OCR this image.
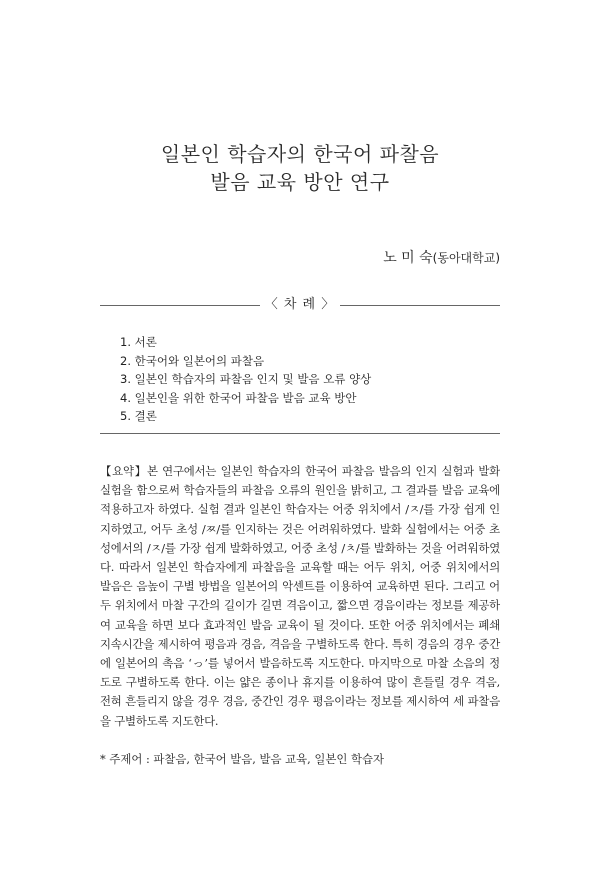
일본인 학습자의 한국어 파찰음
발음 교육 방안 연구
노 미 숙(동아대학교)
〈 차 례 〉
1. 서론
2. 한국어와 일본어의 파찰음
3. 일본인 학습자의 파찰음 인지 및 발음 오류 양상
4. 일본인을 위한 한국어 파찰음 발음 교육 방안
5. 결론
【요약】본 연구에서는 일본인 학습자의 한국어 파찰음 발음의 인지 실험과 발화 실험을 함으로써 학습자들의 파찰음 오류의 원인을 밝히고, 그 결과를 발음 교육에 적용하고자 하였다. 실험 결과 일본인 학습자는 어중 위치에서 /ㅈ/를 가장 쉽게 인지하였고, 어두 초성 /ㅉ/를 인지하는 것은 어려워하였다. 발화 실험에서는 어중 초성에서의 /ㅈ/를 가장 쉽게 발화하였고, 어중 초성 /ㅊ/를 발화하는 것을 어려워하였다. 따라서 일본인 학습자에게 파찰음을 교육할 때는 어두 위치, 어중 위치에서의 발음은 음높이 구별 방법을 일본어의 악센트를 이용하여 교육하면 된다. 그리고 어두 위치에서 마찰 구간의 길이가 길면 격음이고, 짧으면 경음이라는 정보를 제공하여 교육을 하면 보다 효과적인 발음 교육이 될 것이다. 또한 어중 위치에서는 폐쇄지속시간을 제시하여 평음과 경음, 격음을 구별하도록 한다. 특히 경음의 경우 중간에 일본어의 촉음 ‘っ’를 넣어서 발음하도록 지도한다. 마지막으로 마찰 소음의 정도로 구별하도록 한다. 이는 얇은 종이나 휴지를 이용하여 많이 흔들릴 경우 격음, 전혀 흔들리지 않을 경우 경음, 중간인 경우 평음이라는 정보를 제시하여 세 파찰음을 구별하도록 지도한다.
* 주제어 : 파찰음, 한국어 발음, 발음 교육, 일본인 학습자
